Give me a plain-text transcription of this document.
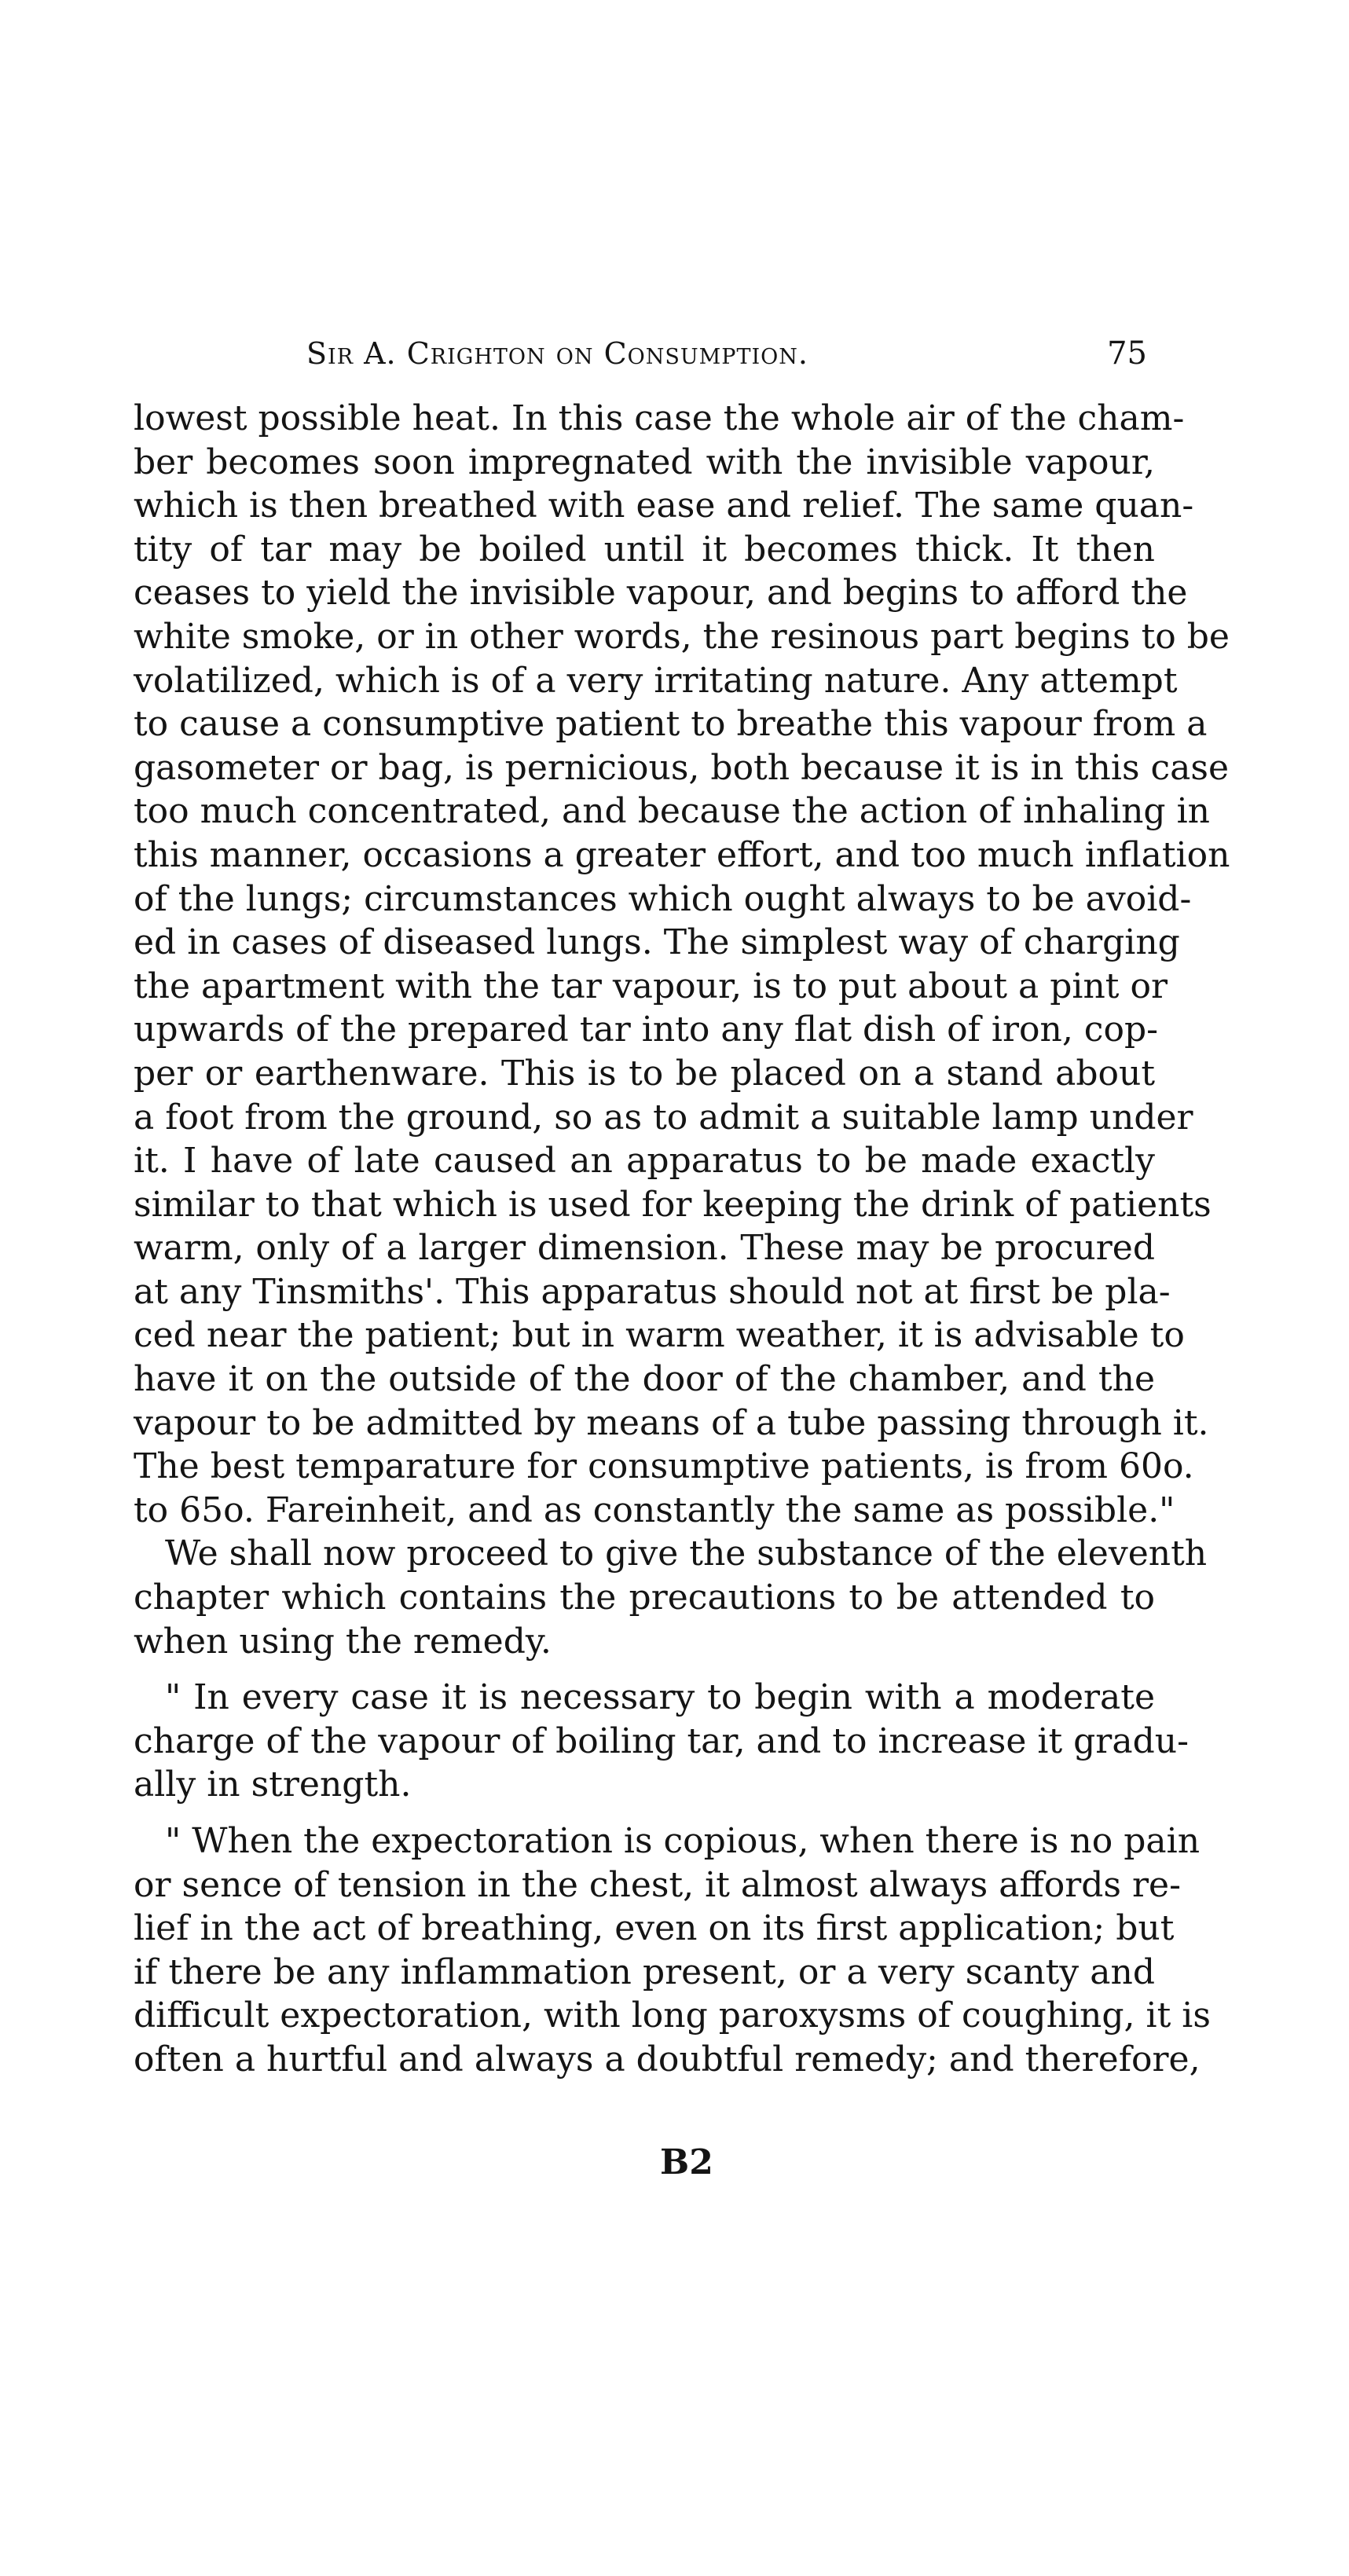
Sir A. Crighton on Consumption.	75
lowest possible heat. In this case the whole air of the cham-
ber becomes soon impregnated with the invisible vapour,
which is then breathed with ease and relief. The same quan-
tity of tar may be boiled until it becomes thick. It then
ceases to yield the invisible vapour, and begins to afford the
white smoke, or in other words, the resinous part begins to be
volatilized, which is of a very irritating nature. Any attempt
to cause a consumptive patient to breathe this vapour from a
gasometer or bag, is pernicious, both because it is in this case
too much concentrated, and because the action of inhaling in
this manner, occasions a greater effort, and too much inflation
of the lungs; circumstances which ought always to be avoid-
ed in cases of diseased lungs. The simplest way of charging
the apartment with the tar vapour, is to put about a pint or
upwards of the prepared tar into any flat dish of iron, cop-
per or earthenware. This is to be placed on a stand about
a foot from the ground, so as to admit a suitable lamp under
it. I have of late caused an apparatus to be made exactly
similar to that which is used for keeping the drink of patients
warm, only of a larger dimension. These may be procured
at any Tinsmiths'. This apparatus should not at first be pla-
ced near the patient; but in warm weather, it is advisable to
have it on the outside of the door of the chamber, and the
vapour to be admitted by means of a tube passing through it.
The best temparature for consumptive patients, is from 60o.
to 65o. Fareinheit, and as constantly the same as possible."
We shall now proceed to give the substance of the eleventh
chapter which contains the precautions to be attended to
when using the remedy.
" In every case it is necessary to begin with a moderate
charge of the vapour of boiling tar, and to increase it gradu-
ally in strength.
" When the expectoration is copious, when there is no pain
or sence of tension in the chest, it almost always affords re-
lief in the act of breathing, even on its first application; but
if there be any inflammation present, or a very scanty and
difficult expectoration, with long paroxysms of coughing, it is
often a hurtful and always a doubtful remedy; and therefore,
B2
